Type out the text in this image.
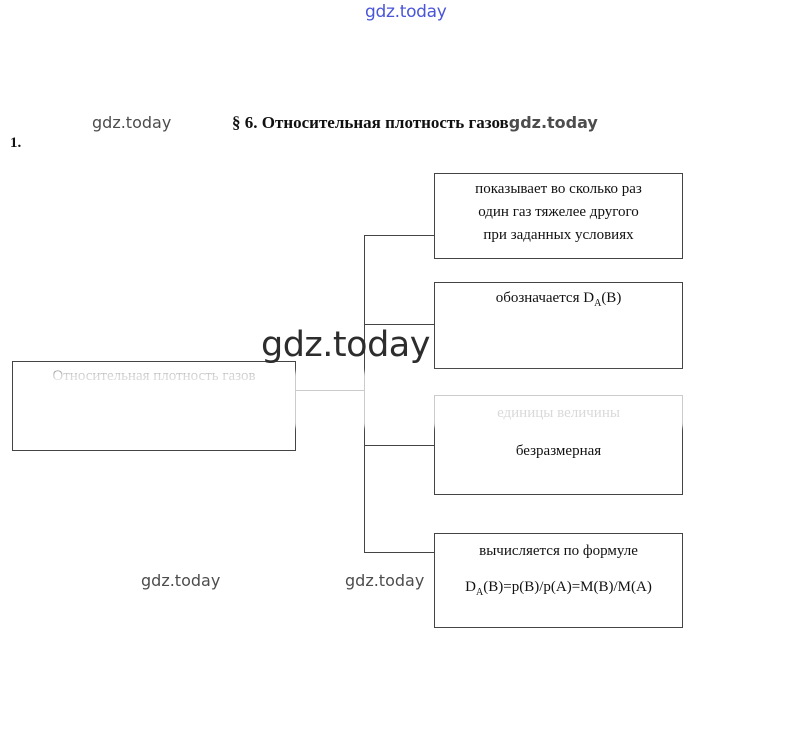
gdz.today
gdz.today	§ 6. Относительная плотность газовgdz.today
1.
показывает во сколько раз
один газ тяжелее другого
при заданных условиях
обозначается $D_A(B)$
безразмерная
вычисляется по формуле
$D_A(B)=p(B)/p(A)=M(B)/M(A)$
gdz.today
gdz.today	gdz.today
